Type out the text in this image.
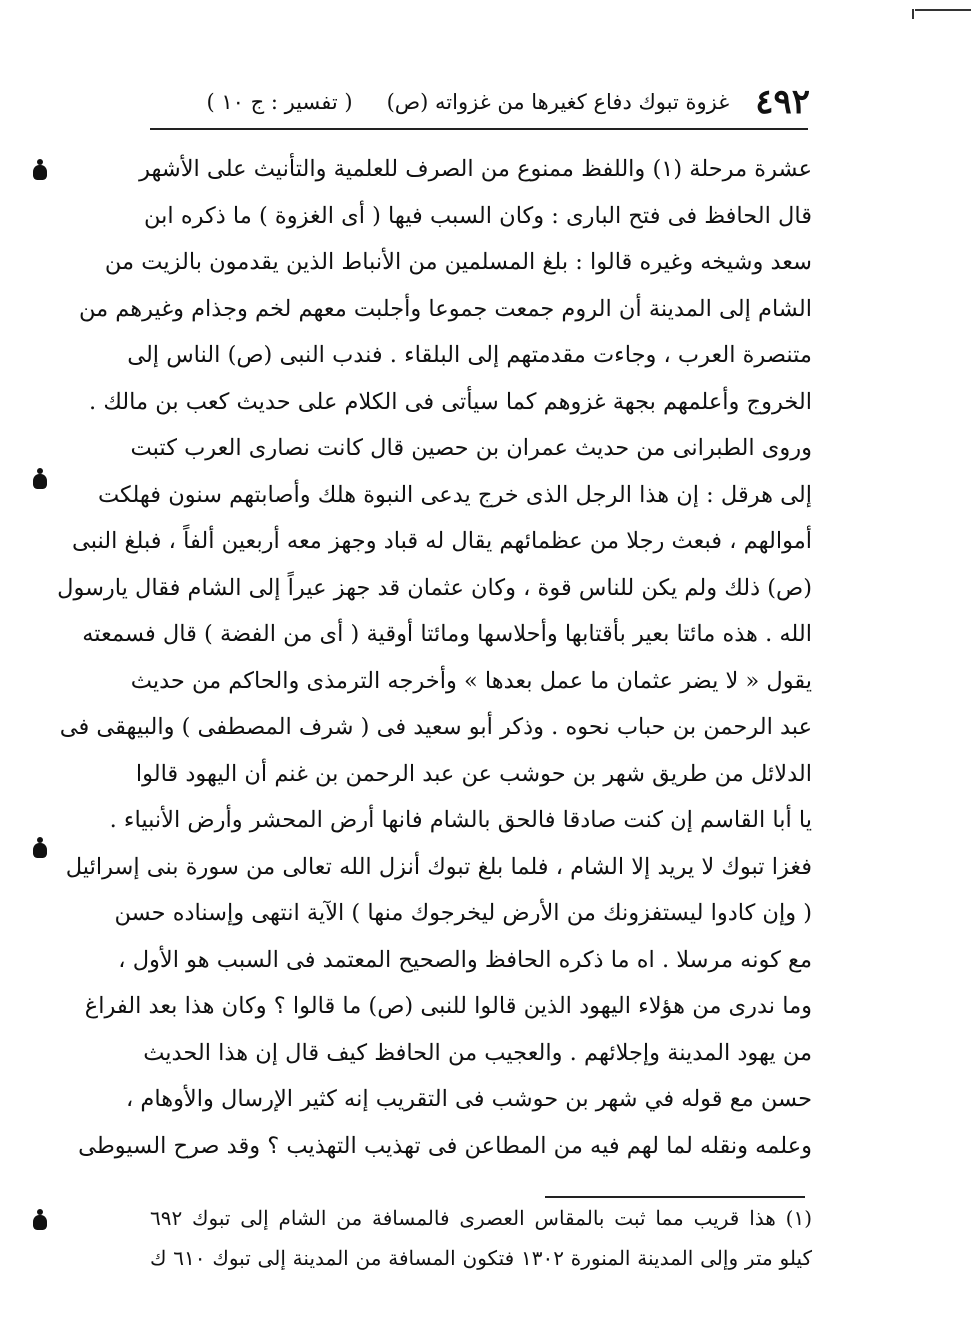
٤٩٢
غزوة تبوك دفاع كغيرها من غزواته (ص)
( تفسير : ج ١٠ )
عشرة مرحلة (١) واللفظ ممنوع من الصرف للعلمية والتأنيث على الأشهر
قال الحافظ فى فتح البارى : وكان السبب فيها ( أى الغزوة ) ما ذكره ابن
سعد وشيخه وغيره قالوا : بلغ المسلمين من الأنباط الذين يقدمون بالزيت من
الشام إلى المدينة أن الروم جمعت جموعا وأجلبت معهم لخم وجذام وغيرهم من
متنصرة العرب ، وجاءت مقدمتهم إلى البلقاء . فندب النبى (ص) الناس إلى
الخروج وأعلمهم بجهة غزوهم كما سيأتى فى الكلام على حديث كعب بن مالك .
وروى الطبرانى من حديث عمران بن حصين قال كانت نصارى العرب كتبت
إلى هرقل : إن هذا الرجل الذى خرج يدعى النبوة هلك وأصابتهم سنون فهلكت
أموالهم ، فبعث رجلا من عظمائهم يقال له قباد وجهز معه أربعين ألفاً ، فبلغ النبى
(ص) ذلك ولم يكن للناس قوة ، وكان عثمان قد جهز عيراً إلى الشام فقال يارسول
الله . هذه مائتا بعير بأقتابها وأحلاسها ومائتا أوقية ( أى من الفضة ) قال فسمعته
يقول « لا يضر عثمان ما عمل بعدها » وأخرجه الترمذى والحاكم من حديث
عبد الرحمن بن حباب نحوه . وذكر أبو سعيد فى ( شرف المصطفى ) والبيهقى فى
الدلائل من طريق شهر بن حوشب عن عبد الرحمن بن غنم أن اليهود قالوا
يا أبا القاسم إن كنت صادقا فالحق بالشام فانها أرض المحشر وأرض الأنبياء .
فغزا تبوك لا يريد إلا الشام ، فلما بلغ تبوك أنزل الله تعالى من سورة بنى إسرائيل
( وإن كادوا ليستفزونك من الأرض ليخرجوك منها ) الآية انتهى وإسناده حسن
مع كونه مرسلا . اه ما ذكره الحافظ والصحيح المعتمد فى السبب هو الأول ،
وما ندرى من هؤلاء اليهود الذين قالوا للنبى (ص) ما قالوا ؟ وكان هذا بعد الفراغ
من يهود المدينة وإجلائهم . والعجيب من الحافظ كيف قال إن هذا الحديث
حسن مع قوله في شهر بن حوشب فى التقريب إنه كثير الإرسال والأوهام ،
وعلمه ونقله لما لهم فيه من المطاعن فى تهذيب التهذيب ؟ وقد صرح السيوطى
(١) هذا قريب مما ثبت بالمقاس العصرى فالمسافة من الشام إلى تبوك ٦٩٢
كيلو متر وإلى المدينة المنورة ١٣٠٢ فتكون المسافة من المدينة إلى تبوك ٦١٠ ك
